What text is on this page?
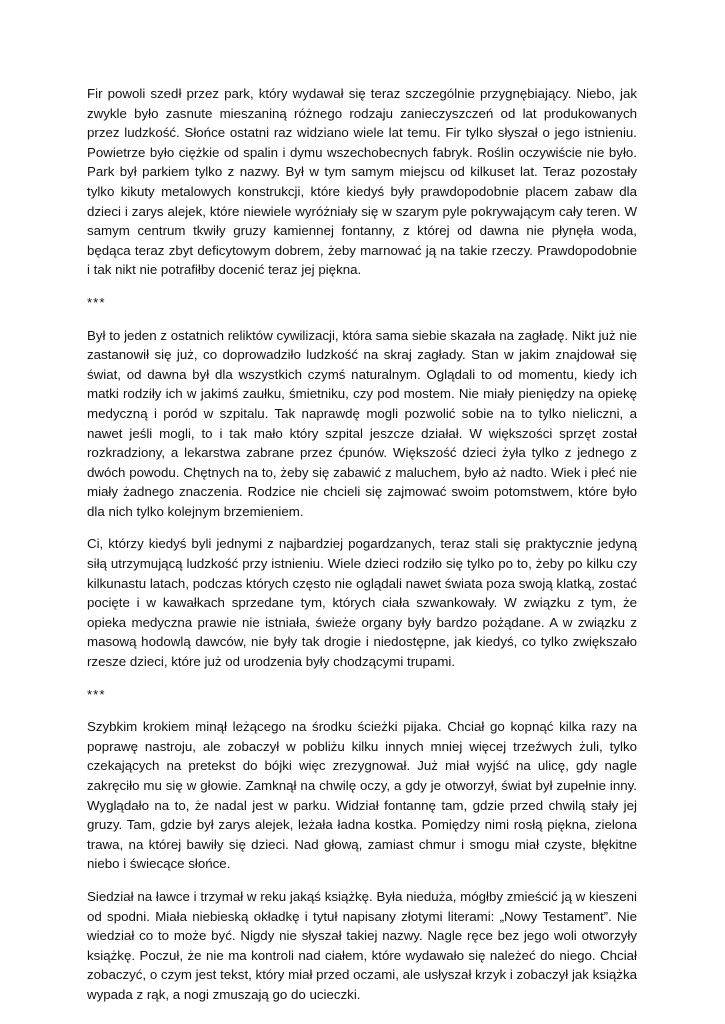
Fir powoli szedł przez park, który wydawał się teraz szczególnie przygnębiający. Niebo, jak zwykle było zasnute mieszaniną różnego rodzaju zanieczyszczeń od lat produkowanych przez ludzkość. Słońce ostatni raz widziano wiele lat temu. Fir tylko słyszał o jego istnieniu. Powietrze było ciężkie od spalin i dymu wszechobecnych fabryk. Roślin oczywiście nie było. Park był parkiem tylko z nazwy. Był w tym samym miejscu od kilkuset lat. Teraz pozostały tylko kikuty metalowych konstrukcji, które kiedyś były prawdopodobnie placem zabaw dla dzieci i zarys alejek, które niewiele wyróżniały się w szarym pyle pokrywającym cały teren. W samym centrum tkwiły gruzy kamiennej fontanny, z której od dawna nie płynęła woda, będąca teraz zbyt deficytowym dobrem, żeby marnować ją na takie rzeczy. Prawdopodobnie i tak nikt nie potrafiłby docenić teraz jej piękna.

***

Był to jeden z ostatnich reliktów cywilizacji, która sama siebie skazała na zagładę. Nikt już nie zastanowił się już, co doprowadziło ludzkość na skraj zagłady. Stan w jakim znajdował się świat, od dawna był dla wszystkich czymś naturalnym. Oglądali to od momentu, kiedy ich matki rodziły ich w jakimś zaułku, śmietniku, czy pod mostem. Nie miały pieniędzy na opiekę medyczną i poród w szpitalu. Tak naprawdę mogli pozwolić sobie na to tylko nieliczni, a nawet jeśli mogli, to i tak mało który szpital jeszcze działał. W większości sprzęt został rozkradziony, a lekarstwa zabrane przez ćpunów. Większość dzieci żyła tylko z jednego z dwóch powodu. Chętnych na to, żeby się zabawić z maluchem, było aż nadto. Wiek i płeć nie miały żadnego znaczenia. Rodzice nie chcieli się zajmować swoim potomstwem, które było dla nich tylko kolejnym brzemieniem.

Ci, którzy kiedyś byli jednymi z najbardziej pogardzanych, teraz stali się praktycznie jedyną siłą utrzymującą ludzkość przy istnieniu. Wiele dzieci rodziło się tylko po to, żeby po kilku czy kilkunastu latach, podczas których często nie oglądali nawet świata poza swoją klatką, zostać pocięte i w kawałkach sprzedane tym, których ciała szwankowały. W związku z tym, że opieka medyczna prawie nie istniała, świeże organy były bardzo pożądane. A w związku z masową hodowlą dawców, nie były tak drogie i niedostępne, jak kiedyś, co tylko zwiększało rzesze dzieci, które już od urodzenia były chodzącymi trupami.

***

Szybkim krokiem minął leżącego na środku ścieżki pijaka. Chciał go kopnąć kilka razy na poprawę nastroju, ale zobaczył w pobliżu kilku innych mniej więcej trzeźwych żuli, tylko czekających na pretekst do bójki więc zrezygnował. Już miał wyjść na ulicę, gdy nagle zakręciło mu się w głowie. Zamknął na chwilę oczy, a gdy je otworzył, świat był zupełnie inny. Wyglądało na to, że nadal jest w parku. Widział fontannę tam, gdzie przed chwilą stały jej gruzy. Tam, gdzie był zarys alejek, leżała ładna kostka. Pomiędzy nimi rosłą piękna, zielona trawa, na której bawiły się dzieci. Nad głową, zamiast chmur i smogu miał czyste, błękitne niebo i świecące słońce.

Siedział na ławce i trzymał w reku jakąś książkę. Była nieduża, mógłby zmieścić ją w kieszeni od spodni. Miała niebieską okładkę i tytuł napisany złotymi literami: „Nowy Testament”. Nie wiedział co to może być. Nigdy nie słyszał takiej nazwy. Nagle ręce bez jego woli otworzyły książkę. Poczuł, że nie ma kontroli nad ciałem, które wydawało się należeć do niego. Chciał zobaczyć, o czym jest tekst, który miał przed oczami, ale usłyszał krzyk i zobaczył jak książka wypada z rąk, a nogi zmuszają go do ucieczki.
